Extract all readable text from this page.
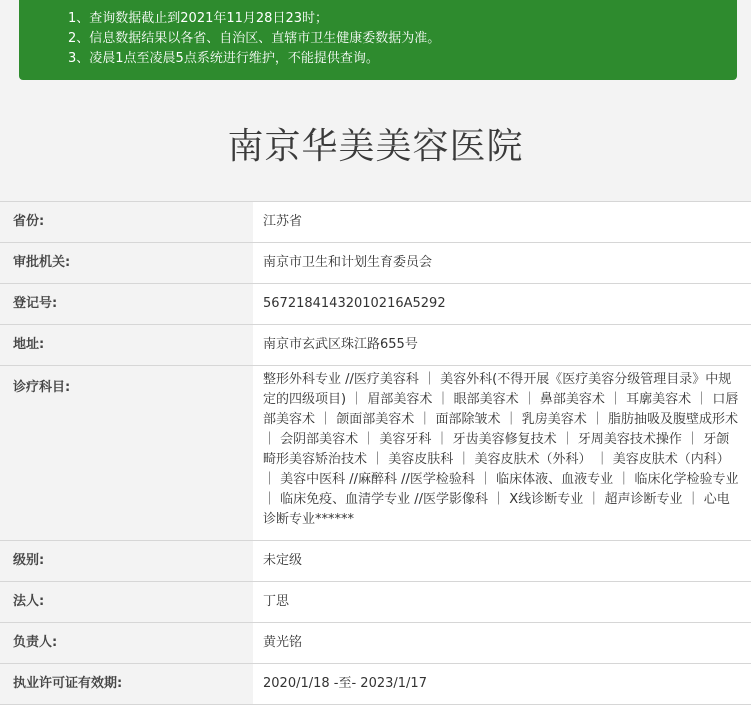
1、查询数据截止到2021年11月28日23时；
2、信息数据结果以各省、自治区、直辖市卫生健康委数据为准。
3、凌晨1点至凌晨5点系统进行维护，不能提供查询。
南京华美美容医院
省份:	江苏省
审批机关:	南京市卫生和计划生育委员会
登记号:	56721841432010216A5292
地址:	南京市玄武区珠江路655号
诊疗科目:
整形外科专业 //医疗美容科 ｜ 美容外科(不得开展《医疗美容分级管理目录》中规定的四级项目) ｜ 眉部美容术 ｜ 眼部美容术 ｜ 鼻部美容术 ｜ 耳廓美容术 ｜ 口唇部美容术 ｜ 颌面部美容术 ｜ 面部除皱术 ｜ 乳房美容术 ｜ 脂肪抽吸及腹壁成形术 ｜ 会阴部美容术 ｜ 美容牙科 ｜ 牙齿美容修复技术 ｜ 牙周美容技术操作 ｜ 牙颌畸形美容矫治技术 ｜ 美容皮肤科 ｜ 美容皮肤术（外科） ｜ 美容皮肤术（内科） ｜ 美容中医科 //麻醉科 //医学检验科 ｜ 临床体液、血液专业 ｜ 临床化学检验专业 ｜ 临床免疫、血清学专业 //医学影像科 ｜ X线诊断专业 ｜ 超声诊断专业 ｜ 心电诊断专业******
级别:	未定级
法人:	丁思
负责人:	黄光铭
执业许可证有效期:	2020/1/18 -至- 2023/1/17
